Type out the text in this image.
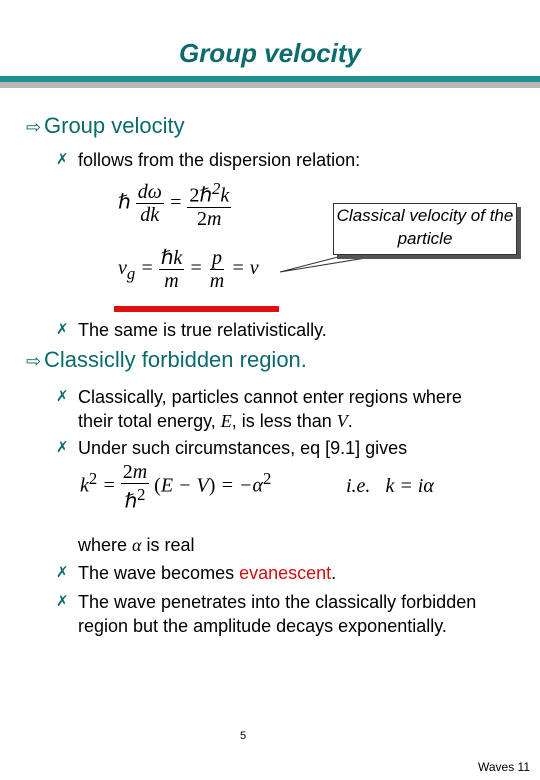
Group velocity
⇨ Group velocity
✗ follows from the dispersion relation:
ℏ $\frac{d\omega}{dk} = \frac{2\hbar^2k}{2m}$
$v_g = \frac{\text{ℏk}}{m} = \frac{p}{m} = v$
Classical velocity of the particle
✗ The same is true relativistically.
⇨ Classiclly forbidden region.
✗ Classically, particles cannot enter regions where their total energy, E, is less than V.
✗ Under such circumstances, eq [9.1] gives
$k^2 = \frac{2m}{\hbar^2} (E - V) = -\alpha^2$	i.e.   k = iα
where α is real
✗ The wave becomes evanescent.
✗ The wave penetrates into the classically forbidden region but the amplitude decays exponentially.
5
Waves 11
